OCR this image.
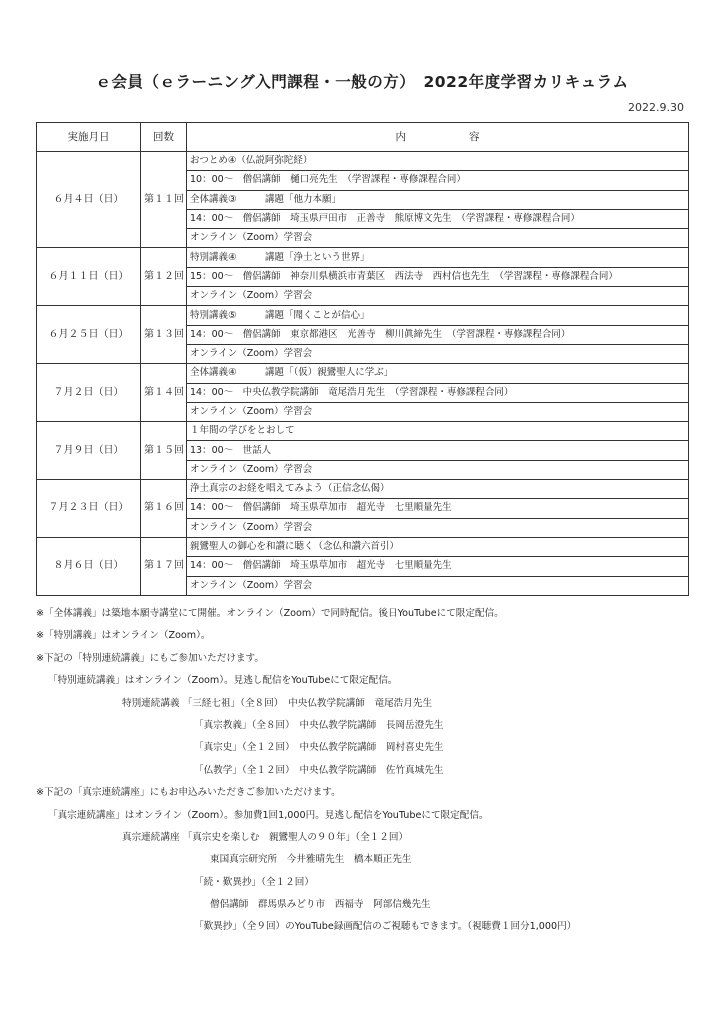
ｅ会員（ｅラーニング入門課程・一般の方）　2022年度学習カリキュラム
2022.9.30
実施月日	回数	内　　　　　　容
６月４日（日）	第１１回	おつとめ④（仏説阿弥陀経）
		10：00～　僧侶講師　樋口亮先生　（学習課程・専修課程合同）
		全体講義③　　　講題「他力本願」
		14：00～　僧侶講師　埼玉県戸田市　正善寺　熊原博文先生　（学習課程・専修課程合同）
		オンライン（Zoom）学習会
６月１１日（日）	第１２回	特別講義④　　　講題「浄土という世界」
		15：00～　僧侶講師　神奈川県横浜市青葉区　西法寺　西村信也先生　（学習課程・専修課程合同）
		オンライン（Zoom）学習会
６月２５日（日）	第１３回	特別講義⑤　　　講題「聞くことが信心」
		14：00～　僧侶講師　東京都港区　光善寺　柳川眞締先生　（学習課程・専修課程合同）
		オンライン（Zoom）学習会
７月２日（日）	第１４回	全体講義④　　　講題「（仮）親鸞聖人に学ぶ」
		14：00～　中央仏教学院講師　竜尾浩月先生　（学習課程・専修課程合同）
		オンライン（Zoom）学習会
７月９日（日）	第１５回	１年間の学びをとおして
		13：00～　世話人
		オンライン（Zoom）学習会
７月２３日（日）	第１６回	浄土真宗のお経を唱えてみよう（正信念仏偈）
		14：00～　僧侶講師　埼玉県草加市　超光寺　七里順量先生
		オンライン（Zoom）学習会
８月６日（日）	第１７回	親鸞聖人の御心を和讃に聴く（念仏和讃六首引）
		14：00～　僧侶講師　埼玉県草加市　超光寺　七里順量先生
		オンライン（Zoom）学習会
※「全体講義」は築地本願寺講堂にて開催。オンライン（Zoom）で同時配信。後日YouTubeにて限定配信。
※「特別講義」はオンライン（Zoom）。
※下記の「特別連続講義」にもご参加いただけます。
「特別連続講義」はオンライン（Zoom）。見逃し配信をYouTubeにて限定配信。
特別連続講義 「三経七祖」（全８回）　中央仏教学院講師　竜尾浩月先生
「真宗教義」（全８回）　中央仏教学院講師　長岡岳澄先生
「真宗史」（全１２回）　中央仏教学院講師　岡村喜史先生
「仏教学」（全１２回）　中央仏教学院講師　佐竹真城先生
※下記の「真宗連続講座」にもお申込みいただきご参加いただけます。
「真宗連続講座」はオンライン（Zoom）。参加費1回1,000円。見逃し配信をYouTubeにて限定配信。
真宗連続講座 「真宗史を楽しむ　親鸞聖人の９０年」（全１２回）
東国真宗研究所　今井雅晴先生　橋本順正先生
「続・歎異抄」（全１２回）
僧侶講師　群馬県みどり市　西福寺　阿部信幾先生
「歎異抄」（全９回）のYouTube録画配信のご視聴もできます。（視聴費１回分1,000円）
